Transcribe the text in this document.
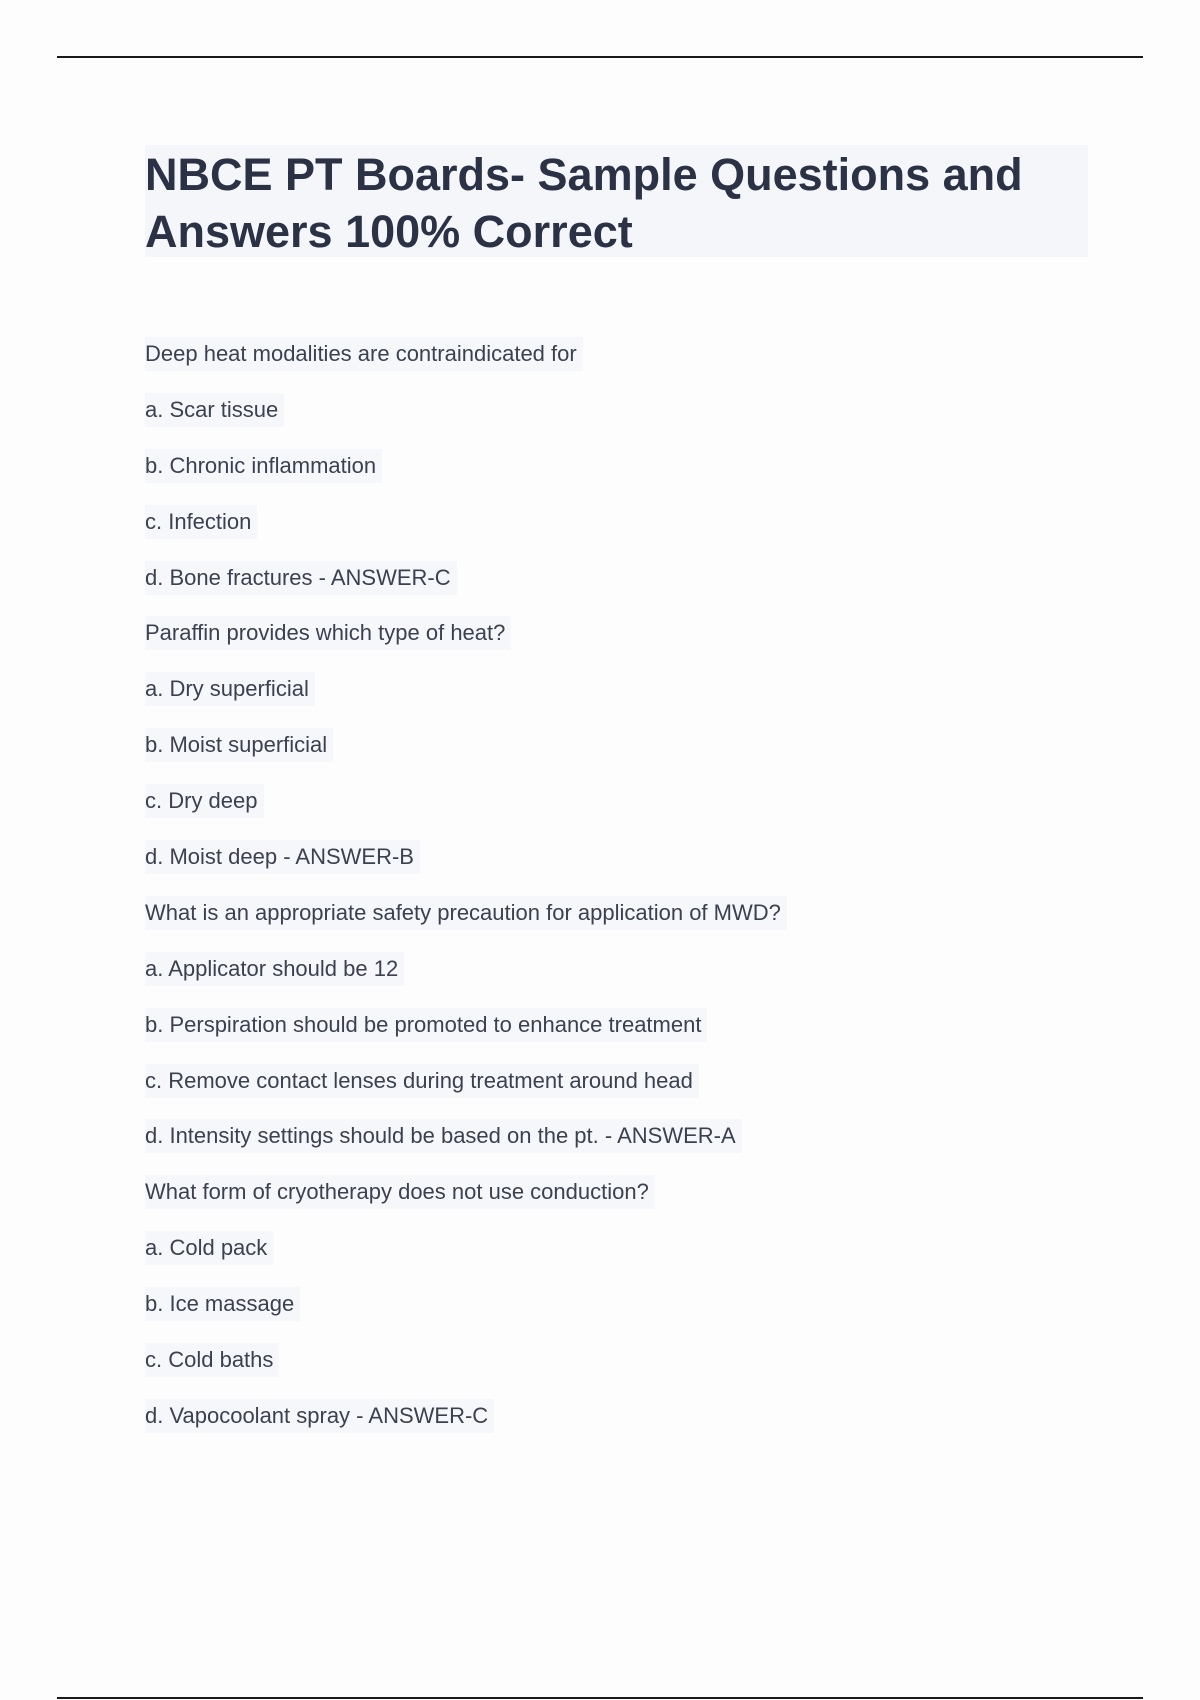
NBCE PT Boards- Sample Questions and Answers 100% Correct
Deep heat modalities are contraindicated for
a. Scar tissue
b. Chronic inflammation
c. Infection
d. Bone fractures - ANSWER-C
Paraffin provides which type of heat?
a. Dry superficial
b. Moist superficial
c. Dry deep
d. Moist deep - ANSWER-B
What is an appropriate safety precaution for application of MWD?
a. Applicator should be 12
b. Perspiration should be promoted to enhance treatment
c. Remove contact lenses during treatment around head
d. Intensity settings should be based on the pt. - ANSWER-A
What form of cryotherapy does not use conduction?
a. Cold pack
b. Ice massage
c. Cold baths
d. Vapocoolant spray - ANSWER-C
